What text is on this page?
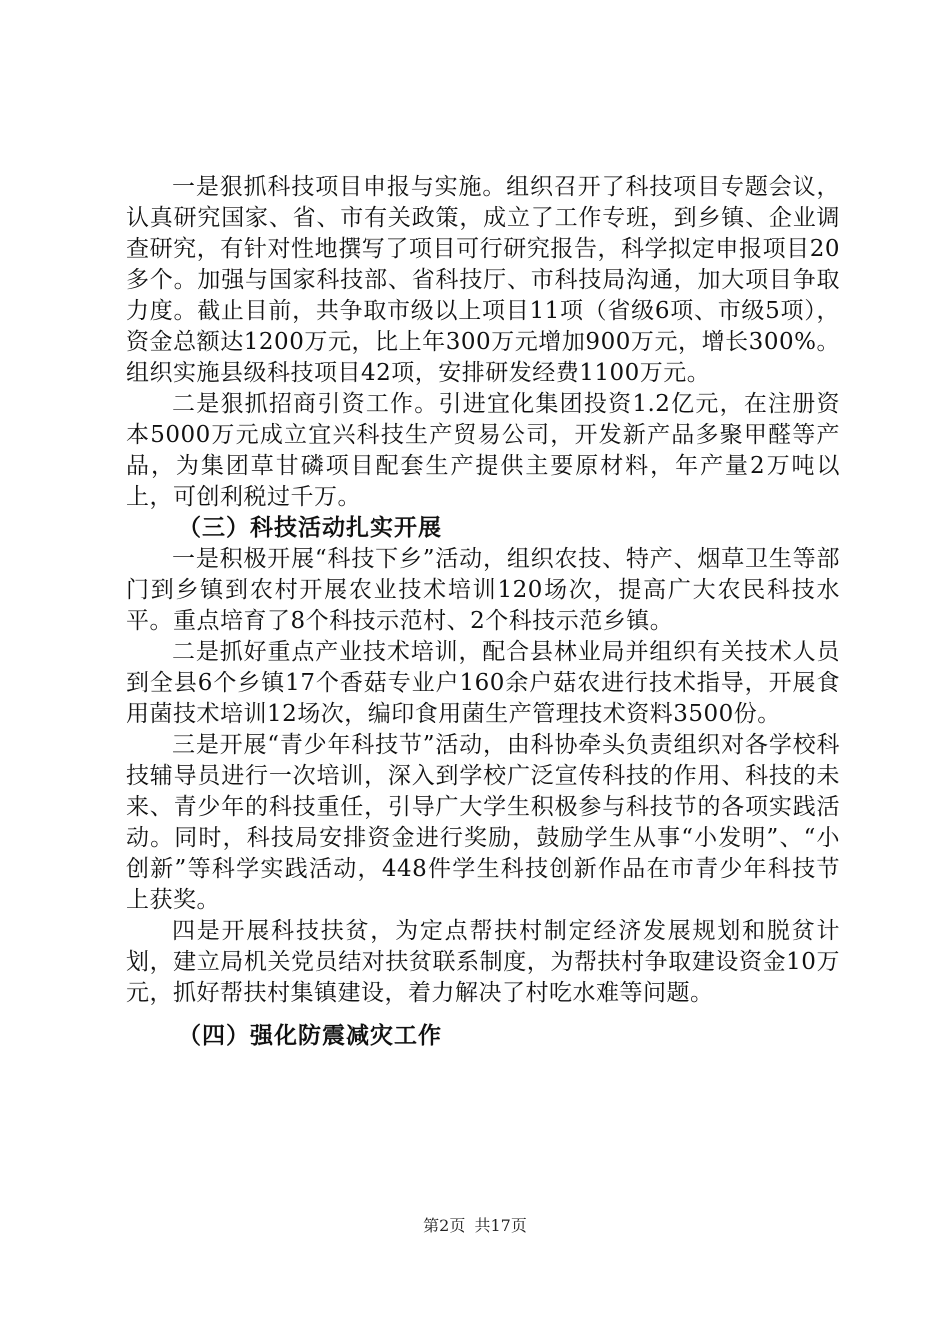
一是狠抓科技项目申报与实施。组织召开了科技项目专题会议，认真研究国家、省、市有关政策，成立了工作专班，到乡镇、企业调查研究，有针对性地撰写了项目可行研究报告，科学拟定申报项目20多个。加强与国家科技部、省科技厅、市科技局沟通，加大项目争取力度。截止目前，共争取市级以上项目11项（省级6项、市级5项），资金总额达1200万元，比上年300万元增加900万元，增长300%。组织实施县级科技项目42项，安排研发经费1100万元。

二是狠抓招商引资工作。引进宜化集团投资1.2亿元，在注册资本5000万元成立宜兴科技生产贸易公司，开发新产品多聚甲醛等产品，为集团草甘磷项目配套生产提供主要原材料，年产量2万吨以上，可创利税过千万。

（三）科技活动扎实开展

一是积极开展“科技下乡”活动，组织农技、特产、烟草卫生等部门到乡镇到农村开展农业技术培训120场次，提高广大农民科技水平。重点培育了8个科技示范村、2个科技示范乡镇。

二是抓好重点产业技术培训，配合县林业局并组织有关技术人员到全县6个乡镇17个香菇专业户160余户菇农进行技术指导，开展食用菌技术培训12场次，编印食用菌生产管理技术资料3500份。

三是开展“青少年科技节”活动，由科协牵头负责组织对各学校科技辅导员进行一次培训，深入到学校广泛宣传科技的作用、科技的未来、青少年的科技重任，引导广大学生积极参与科技节的各项实践活动。同时，科技局安排资金进行奖励，鼓励学生从事“小发明”、“小创新”等科学实践活动，448件学生科技创新作品在市青少年科技节上获奖。

四是开展科技扶贫，为定点帮扶村制定经济发展规划和脱贫计划，建立局机关党员结对扶贫联系制度，为帮扶村争取建设资金10万元，抓好帮扶村集镇建设，着力解决了村吃水难等问题。

（四）强化防震减灾工作

第2页 共17页
